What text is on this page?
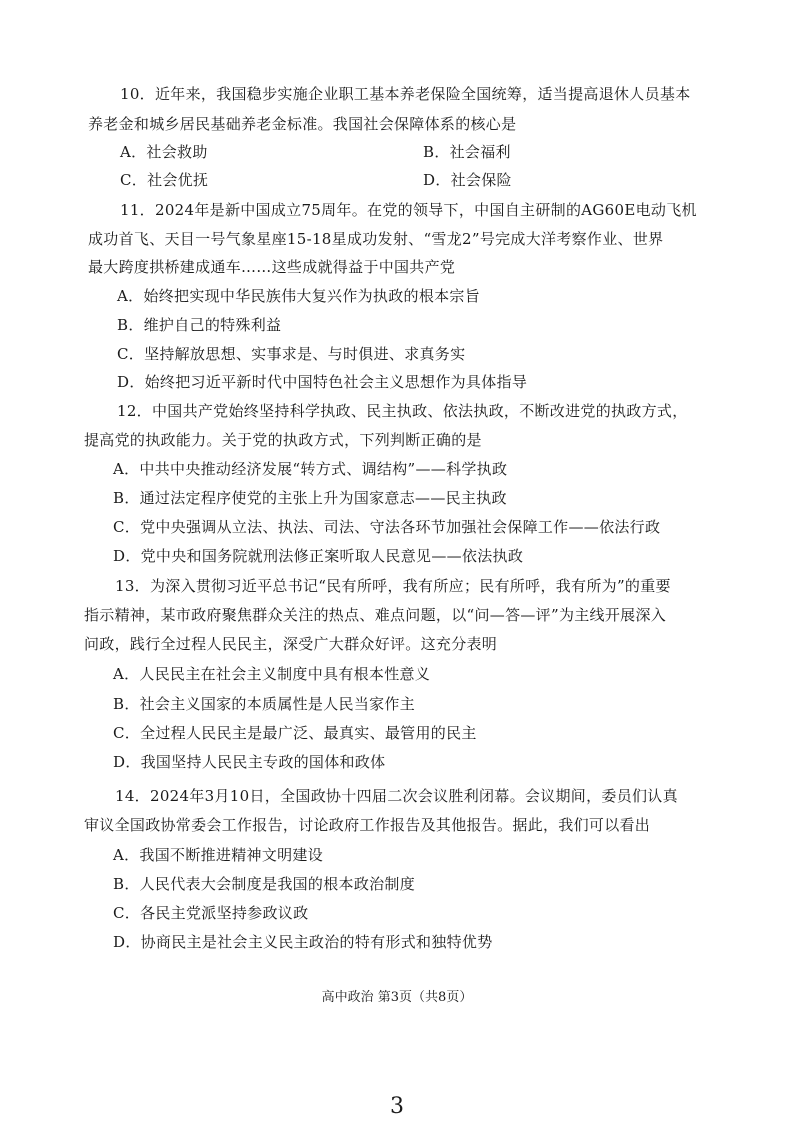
10．近年来，我国稳步实施企业职工基本养老保险全国统筹，适当提高退休人员基本
养老金和城乡居民基础养老金标准。我国社会保障体系的核心是
A．社会救助	B．社会福利
C．社会优抚	D．社会保险
11．2024年是新中国成立75周年。在党的领导下，中国自主研制的AG60E电动飞机
成功首飞、天目一号气象星座15-18星成功发射、“雪龙2”号完成大洋考察作业、世界
最大跨度拱桥建成通车……这些成就得益于中国共产党
A．始终把实现中华民族伟大复兴作为执政的根本宗旨
B．维护自己的特殊利益
C．坚持解放思想、实事求是、与时俱进、求真务实
D．始终把习近平新时代中国特色社会主义思想作为具体指导
12．中国共产党始终坚持科学执政、民主执政、依法执政，不断改进党的执政方式，
提高党的执政能力。关于党的执政方式，下列判断正确的是
A．中共中央推动经济发展“转方式、调结构”——科学执政
B．通过法定程序使党的主张上升为国家意志——民主执政
C．党中央强调从立法、执法、司法、守法各环节加强社会保障工作——依法行政
D．党中央和国务院就刑法修正案听取人民意见——依法执政
13．为深入贯彻习近平总书记“民有所呼，我有所应；民有所呼，我有所为”的重要
指示精神，某市政府聚焦群众关注的热点、难点问题，以“问—答—评”为主线开展深入
问政，践行全过程人民民主，深受广大群众好评。这充分表明
A．人民民主在社会主义制度中具有根本性意义
B．社会主义国家的本质属性是人民当家作主
C．全过程人民民主是最广泛、最真实、最管用的民主
D．我国坚持人民民主专政的国体和政体
14．2024年3月10日，全国政协十四届二次会议胜利闭幕。会议期间，委员们认真
审议全国政协常委会工作报告，讨论政府工作报告及其他报告。据此，我们可以看出
A．我国不断推进精神文明建设
B．人民代表大会制度是我国的根本政治制度
C．各民主党派坚持参政议政
D．协商民主是社会主义民主政治的特有形式和独特优势
高中政治 第3页（共8页）
3
